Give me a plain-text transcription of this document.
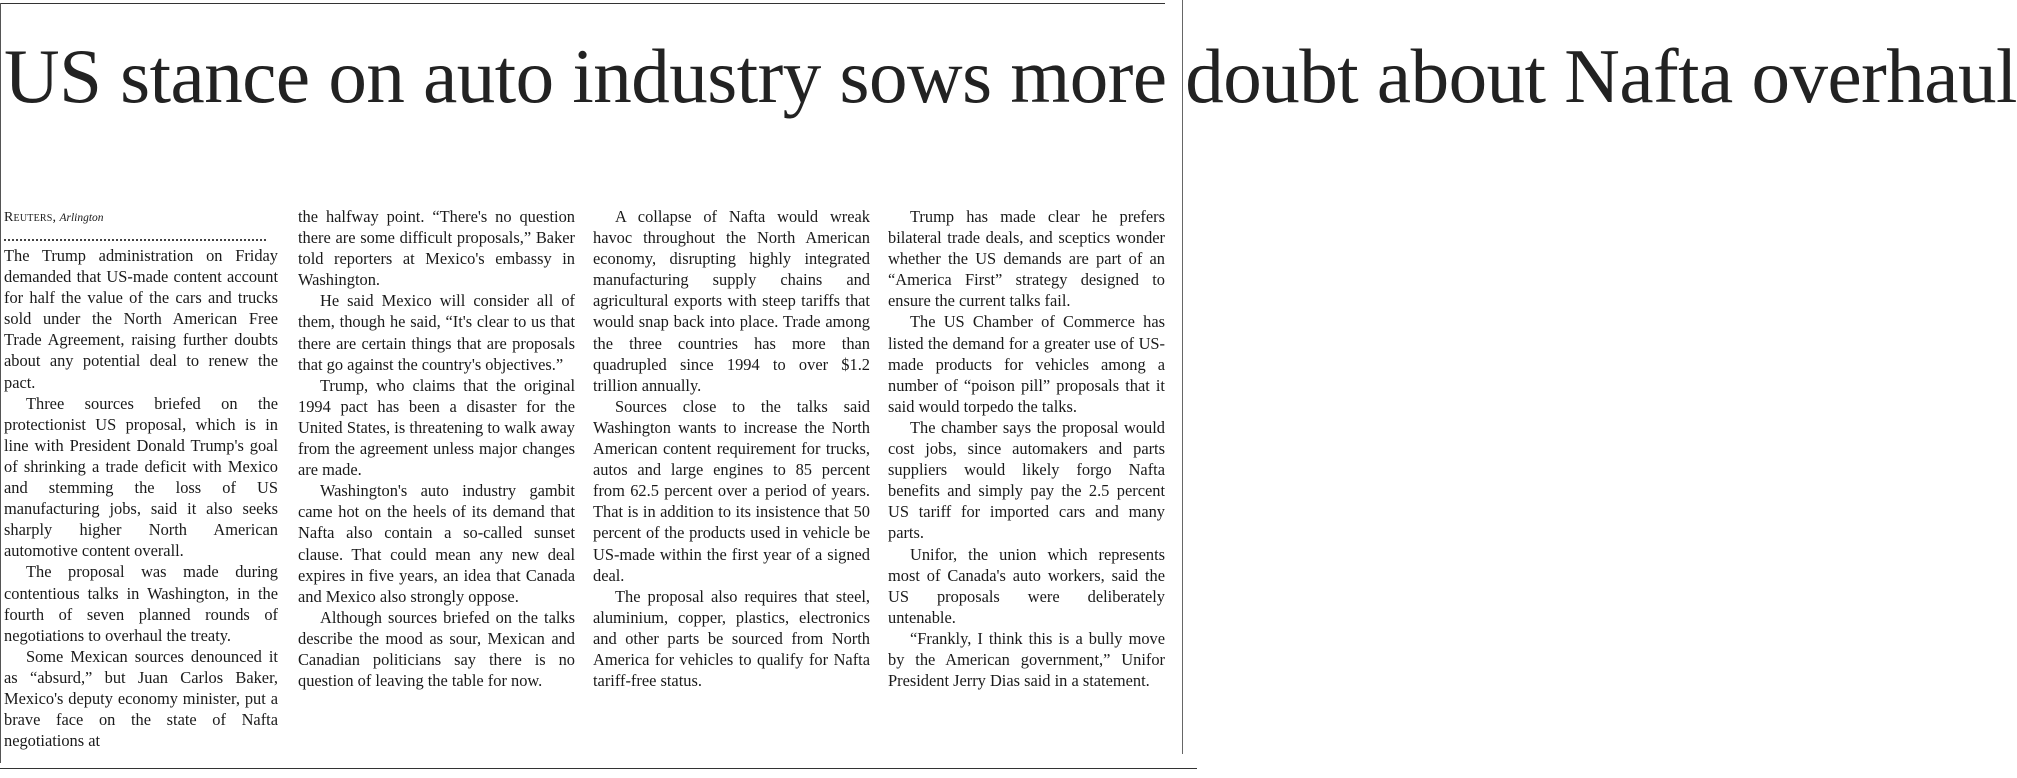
US stance on auto industry sows more doubt about Nafta overhaul
Reuters, Arlington

The Trump administration on Friday demanded that US-made content account for half the value of the cars and trucks sold under the North American Free Trade Agreement, raising further doubts about any potential deal to renew the pact.

Three sources briefed on the protectionist US proposal, which is in line with President Donald Trump's goal of shrinking a trade deficit with Mexico and stemming the loss of US manufacturing jobs, said it also seeks sharply higher North American automotive content overall.

The proposal was made during contentious talks in Washington, in the fourth of seven planned rounds of negotiations to overhaul the treaty.

Some Mexican sources denounced it as “absurd,” but Juan Carlos Baker, Mexico's deputy economy minister, put a brave face on the state of Nafta negotiations at

the halfway point. “There's no question there are some difficult proposals,” Baker told reporters at Mexico's embassy in Washington.

He said Mexico will consider all of them, though he said, “It's clear to us that there are certain things that are proposals that go against the country's objectives.”

Trump, who claims that the original 1994 pact has been a disaster for the United States, is threatening to walk away from the agreement unless major changes are made.

Washington's auto industry gambit came hot on the heels of its demand that Nafta also contain a so-called sunset clause. That could mean any new deal expires in five years, an idea that Canada and Mexico also strongly oppose.

Although sources briefed on the talks describe the mood as sour, Mexican and Canadian politicians say there is no question of leaving the table for now.

A collapse of Nafta would wreak havoc throughout the North American economy, disrupting highly integrated manufacturing supply chains and agricultural exports with steep tariffs that would snap back into place. Trade among the three countries has more than quadrupled since 1994 to over $1.2 trillion annually.

Sources close to the talks said Washington wants to increase the North American content requirement for trucks, autos and large engines to 85 percent from 62.5 percent over a period of years. That is in addition to its insistence that 50 percent of the products used in vehicle be US-made within the first year of a signed deal.

The proposal also requires that steel, aluminium, copper, plastics, electronics and other parts be sourced from North America for vehicles to qualify for Nafta tariff-free status.

Trump has made clear he prefers bilateral trade deals, and sceptics wonder whether the US demands are part of an “America First” strategy designed to ensure the current talks fail.

The US Chamber of Commerce has listed the demand for a greater use of US-made products for vehicles among a number of “poison pill” proposals that it said would torpedo the talks.

The chamber says the proposal would cost jobs, since automakers and parts suppliers would likely forgo Nafta benefits and simply pay the 2.5 percent US tariff for imported cars and many parts.

Unifor, the union which represents most of Canada's auto workers, said the US proposals were deliberately untenable.

“Frankly, I think this is a bully move by the American government,” Unifor President Jerry Dias said in a statement.
